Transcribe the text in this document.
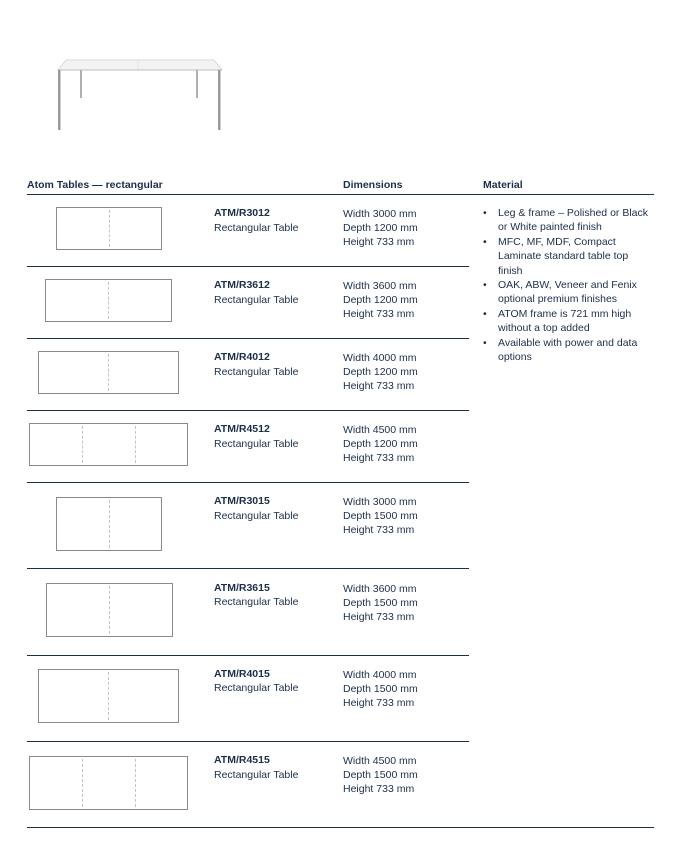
Atom Tables — rectangular	Dimensions	Material
ATM/R3012
Rectangular Table
Width 3000 mm
Depth 1200 mm
Height 733 mm
ATM/R3612
Rectangular Table
Width 3600 mm
Depth 1200 mm
Height 733 mm
ATM/R4012
Rectangular Table
Width 4000 mm
Depth 1200 mm
Height 733 mm
ATM/R4512
Rectangular Table
Width 4500 mm
Depth 1200 mm
Height 733 mm
ATM/R3015
Rectangular Table
Width 3000 mm
Depth 1500 mm
Height 733 mm
ATM/R3615
Rectangular Table
Width 3600 mm
Depth 1500 mm
Height 733 mm
ATM/R4015
Rectangular Table
Width 4000 mm
Depth 1500 mm
Height 733 mm
ATM/R4515
Rectangular Table
Width 4500 mm
Depth 1500 mm
Height 733 mm
• Leg & frame – Polished or Black or White painted finish
• MFC, MF, MDF, Compact Laminate standard table top finish
• OAK, ABW, Veneer and Fenix optional premium finishes
• ATOM frame is 721 mm high without a top added
• Available with power and data options
